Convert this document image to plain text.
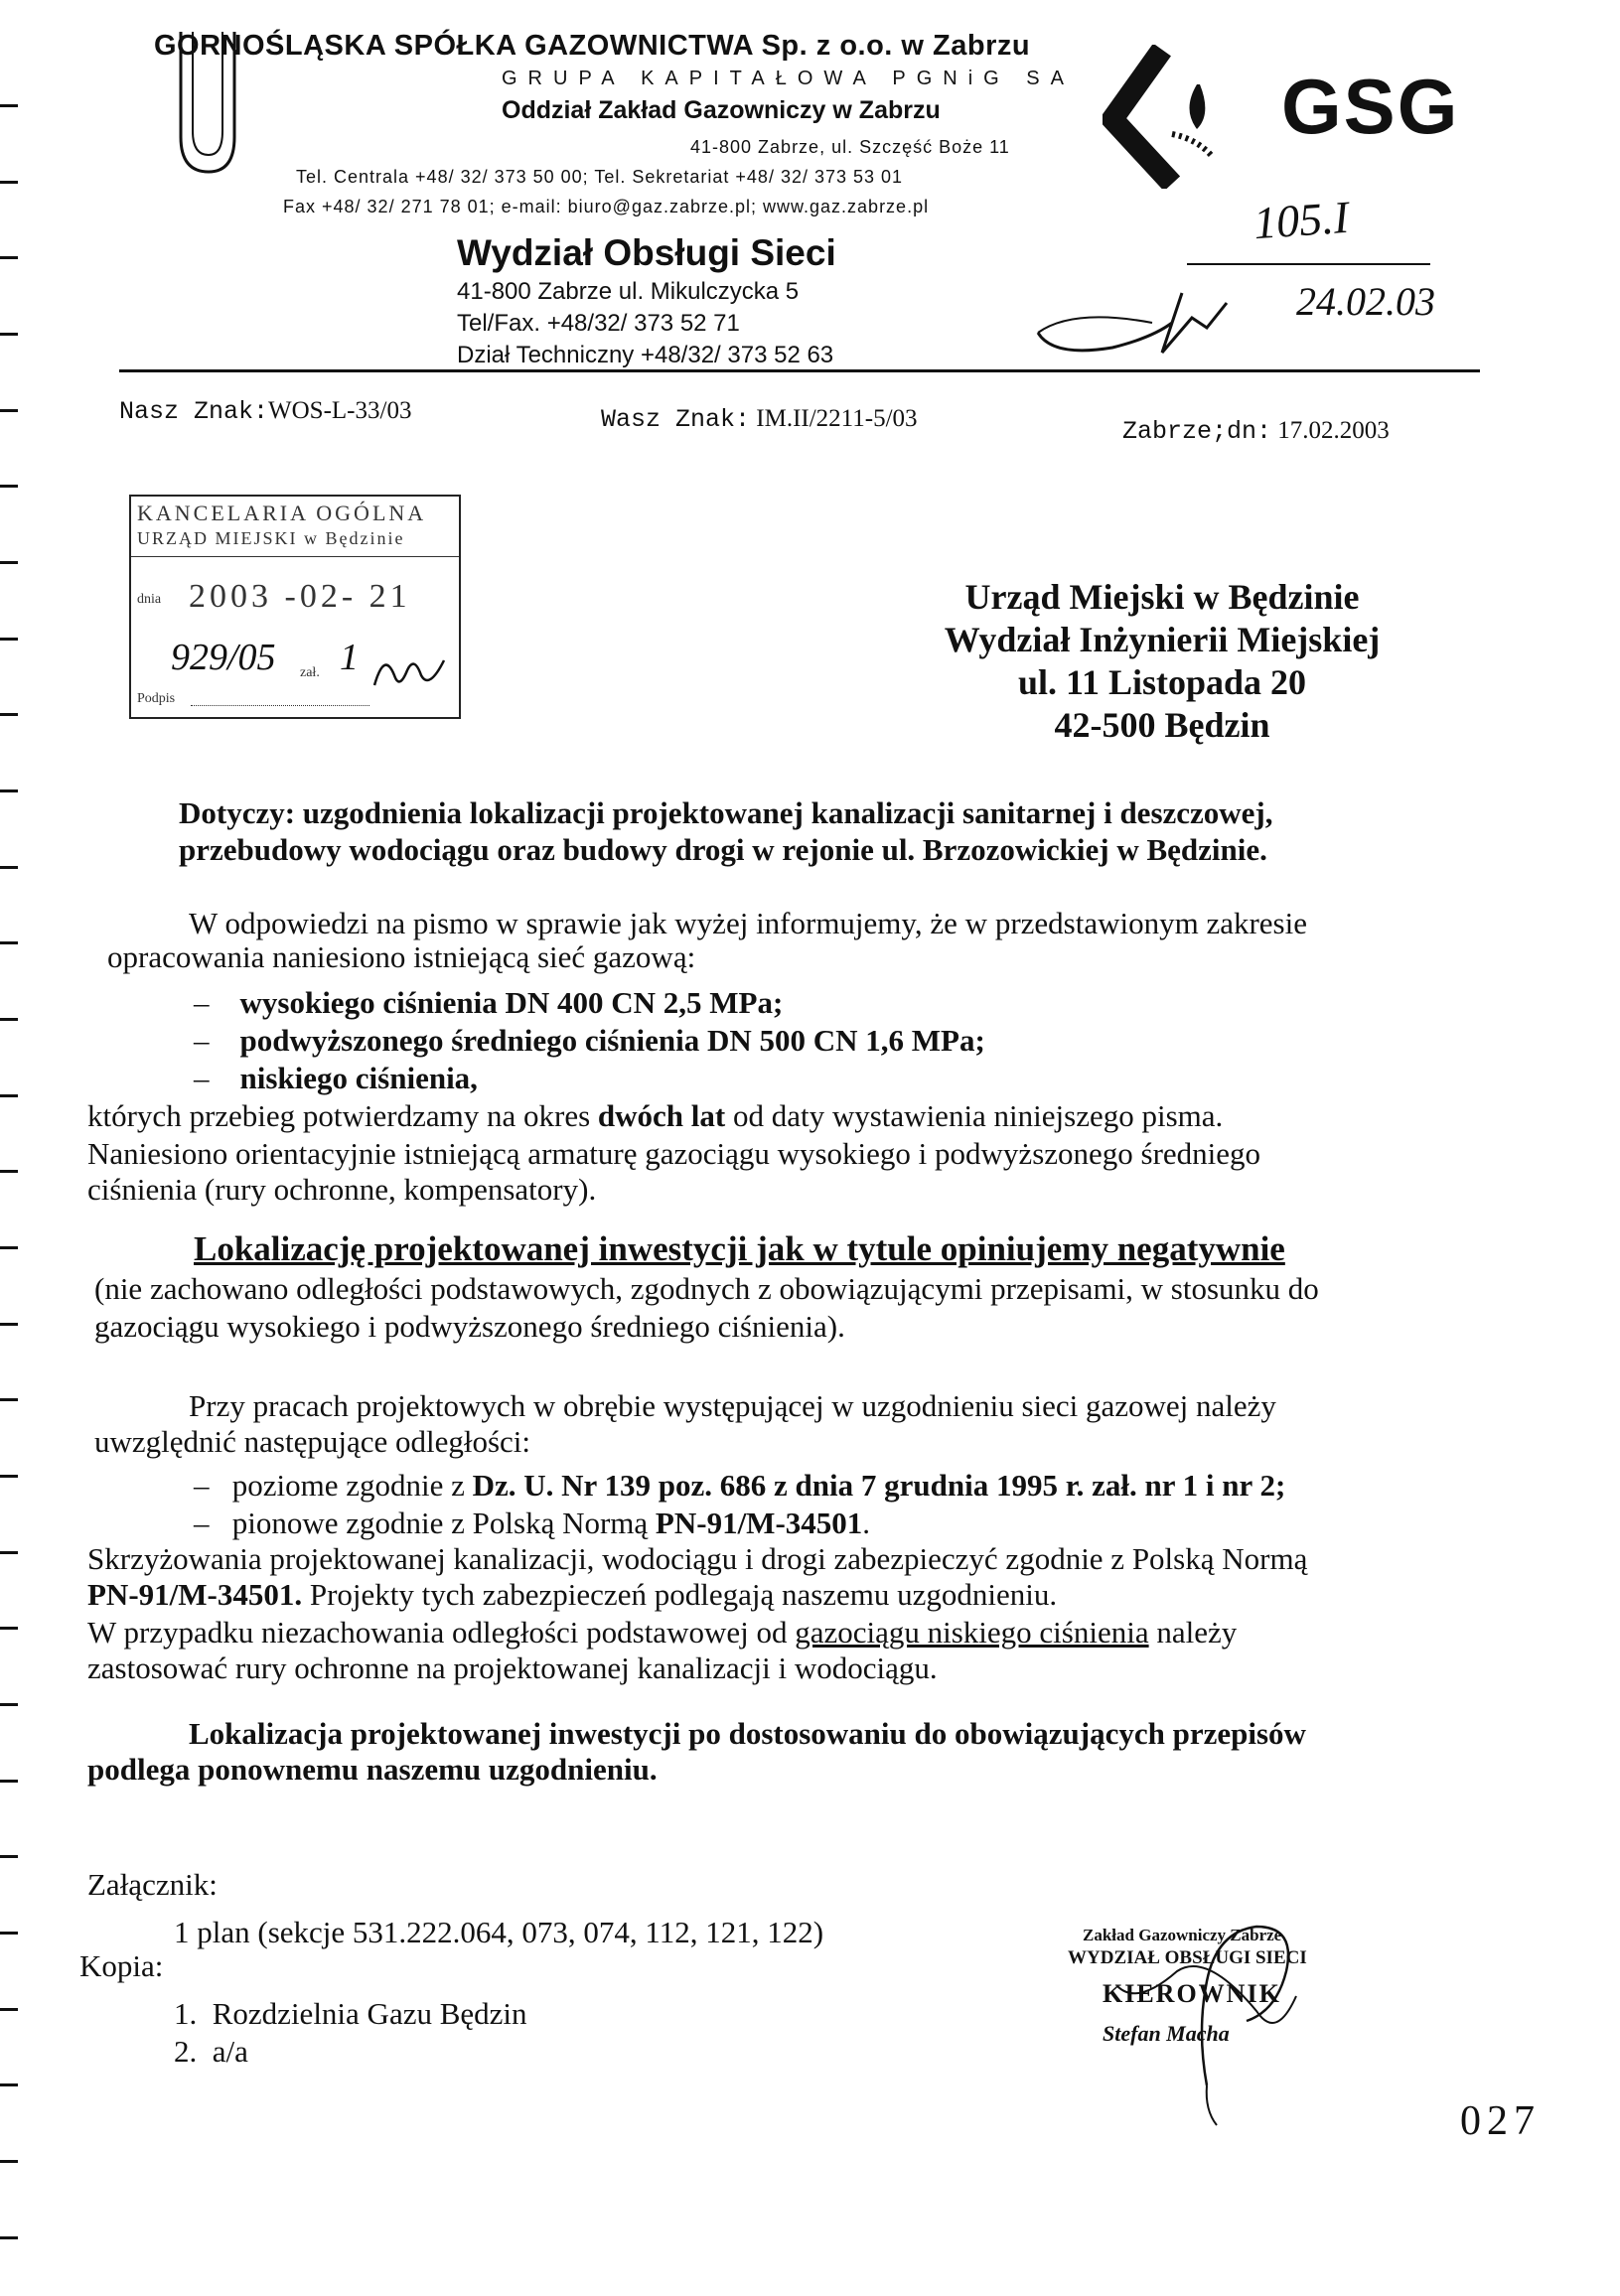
GORNOŚLĄSKA SPÓŁKA GAZOWNICTWA Sp. z o.o. w Zabrzu
GRUPA KAPITAŁOWA PGNiG SA
Oddział Zakład Gazowniczy w Zabrzu
41-800 Zabrze, ul. Szczęść Boże 11
Tel. Centrala +48/ 32/ 373 50 00; Tel. Sekretariat +48/ 32/ 373 53 01
Fax +48/ 32/ 271 78 01; e-mail: biuro@gaz.zabrze.pl; www.gaz.zabrze.pl
Wydział Obsługi Sieci
41-800 Zabrze ul. Mikulczycka 5
Tel/Fax. +48/32/ 373 52 71
Dział Techniczny +48/32/ 373 52 63
GSG
105.I
24.02.03
Nasz Znak:WOS-L-33/03	Wasz Znak: IM.II/2211-5/03	Zabrze;dn: 17.02.2003
KANCELARIA OGÓLNA
URZĄD MIEJSKI w Będzinie
dnia 2003 -02- 21
929/05 zał. 1
Podpis
Urząd Miejski w Będzinie
Wydział Inżynierii Miejskiej
ul. 11 Listopada 20
42-500 Będzin
Dotyczy: uzgodnienia lokalizacji projektowanej kanalizacji sanitarnej i deszczowej,
przebudowy wodociągu oraz budowy drogi w rejonie ul. Brzozowickiej w Będzinie.
W odpowiedzi na pismo w sprawie jak wyżej informujemy, że w przedstawionym zakresie
opracowania naniesiono istniejącą sieć gazową:
–    wysokiego ciśnienia DN 400 CN 2,5 MPa;
–    podwyższonego średniego ciśnienia DN 500 CN 1,6 MPa;
–    niskiego ciśnienia,
których przebieg potwierdzamy na okres dwóch lat od daty wystawienia niniejszego pisma.
Naniesiono orientacyjnie istniejącą armaturę gazociągu wysokiego i podwyższonego średniego
ciśnienia (rury ochronne, kompensatory).
Lokalizację projektowanej inwestycji jak w tytule opiniujemy negatywnie
(nie zachowano odległości podstawowych, zgodnych z obowiązującymi przepisami, w stosunku do
gazociągu wysokiego i podwyższonego średniego ciśnienia).
Przy pracach projektowych w obrębie występującej w uzgodnieniu sieci gazowej należy
uwzględnić następujące odległości:
–   poziome zgodnie z Dz. U. Nr 139 poz. 686 z dnia 7 grudnia 1995 r. zał. nr 1 i nr 2;
–   pionowe zgodnie z Polską Normą PN-91/M-34501.
Skrzyżowania projektowanej kanalizacji, wodociągu i drogi zabezpieczyć zgodnie z Polską Normą
PN-91/M-34501. Projekty tych zabezpieczeń podlegają naszemu uzgodnieniu.
W przypadku niezachowania odległości podstawowej od gazociągu niskiego ciśnienia należy
zastosować rury ochronne na projektowanej kanalizacji i wodociągu.
Lokalizacja projektowanej inwestycji po dostosowaniu do obowiązujących przepisów
podlega ponownemu naszemu uzgodnieniu.
Załącznik:
1 plan (sekcje 531.222.064, 073, 074, 112, 121, 122)
Kopia:
1.  Rozdzielnia Gazu Będzin
2.  a/a
Zakład Gazowniczy Zabrze
WYDZIAŁ OBSŁUGI SIECI
KIEROWNIK
Stefan Macha
027
